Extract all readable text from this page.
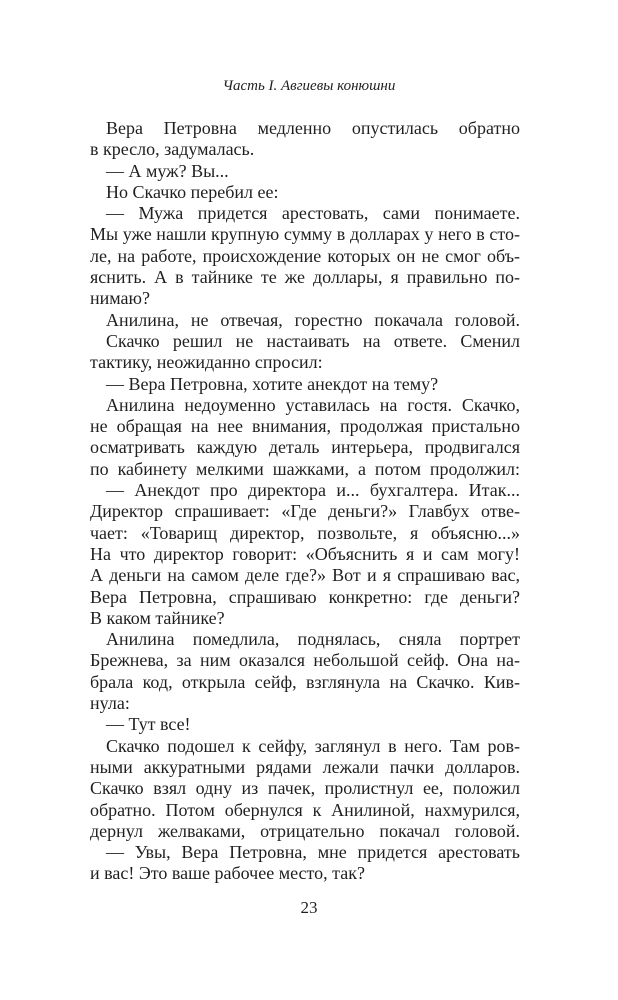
Часть I. Авгиевы конюшни
Вера Петровна медленно опустилась обратно
в кресло, задумалась.
— А муж? Вы...
Но Скачко перебил ее:
— Мужа придется арестовать, сами понимаете.
Мы уже нашли крупную сумму в долларах у него в сто-
ле, на работе, происхождение которых он не смог объ-
яснить. А в тайнике те же доллары, я правильно по-
нимаю?
Анилина, не отвечая, горестно покачала головой.
Скачко решил не настаивать на ответе. Сменил
тактику, неожиданно спросил:
— Вера Петровна, хотите анекдот на тему?
Анилина недоуменно уставилась на гостя. Скачко,
не обращая на нее внимания, продолжая пристально
осматривать каждую деталь интерьера, продвигался
по кабинету мелкими шажками, а потом продолжил:
— Анекдот про директора и... бухгалтера. Итак...
Директор спрашивает: «Где деньги?» Главбух отве-
чает: «Товарищ директор, позвольте, я объясню...»
На что директор говорит: «Объяснить я и сам могу!
А деньги на самом деле где?» Вот и я спрашиваю вас,
Вера Петровна, спрашиваю конкретно: где деньги?
В каком тайнике?
Анилина помедлила, поднялась, сняла портрет
Брежнева, за ним оказался небольшой сейф. Она на-
брала код, открыла сейф, взглянула на Скачко. Кив-
нула:
— Тут все!
Скачко подошел к сейфу, заглянул в него. Там ров-
ными аккуратными рядами лежали пачки долларов.
Скачко взял одну из пачек, пролистнул ее, положил
обратно. Потом обернулся к Анилиной, нахмурился,
дернул желваками, отрицательно покачал головой.
— Увы, Вера Петровна, мне придется арестовать
и вас! Это ваше рабочее место, так?
23
